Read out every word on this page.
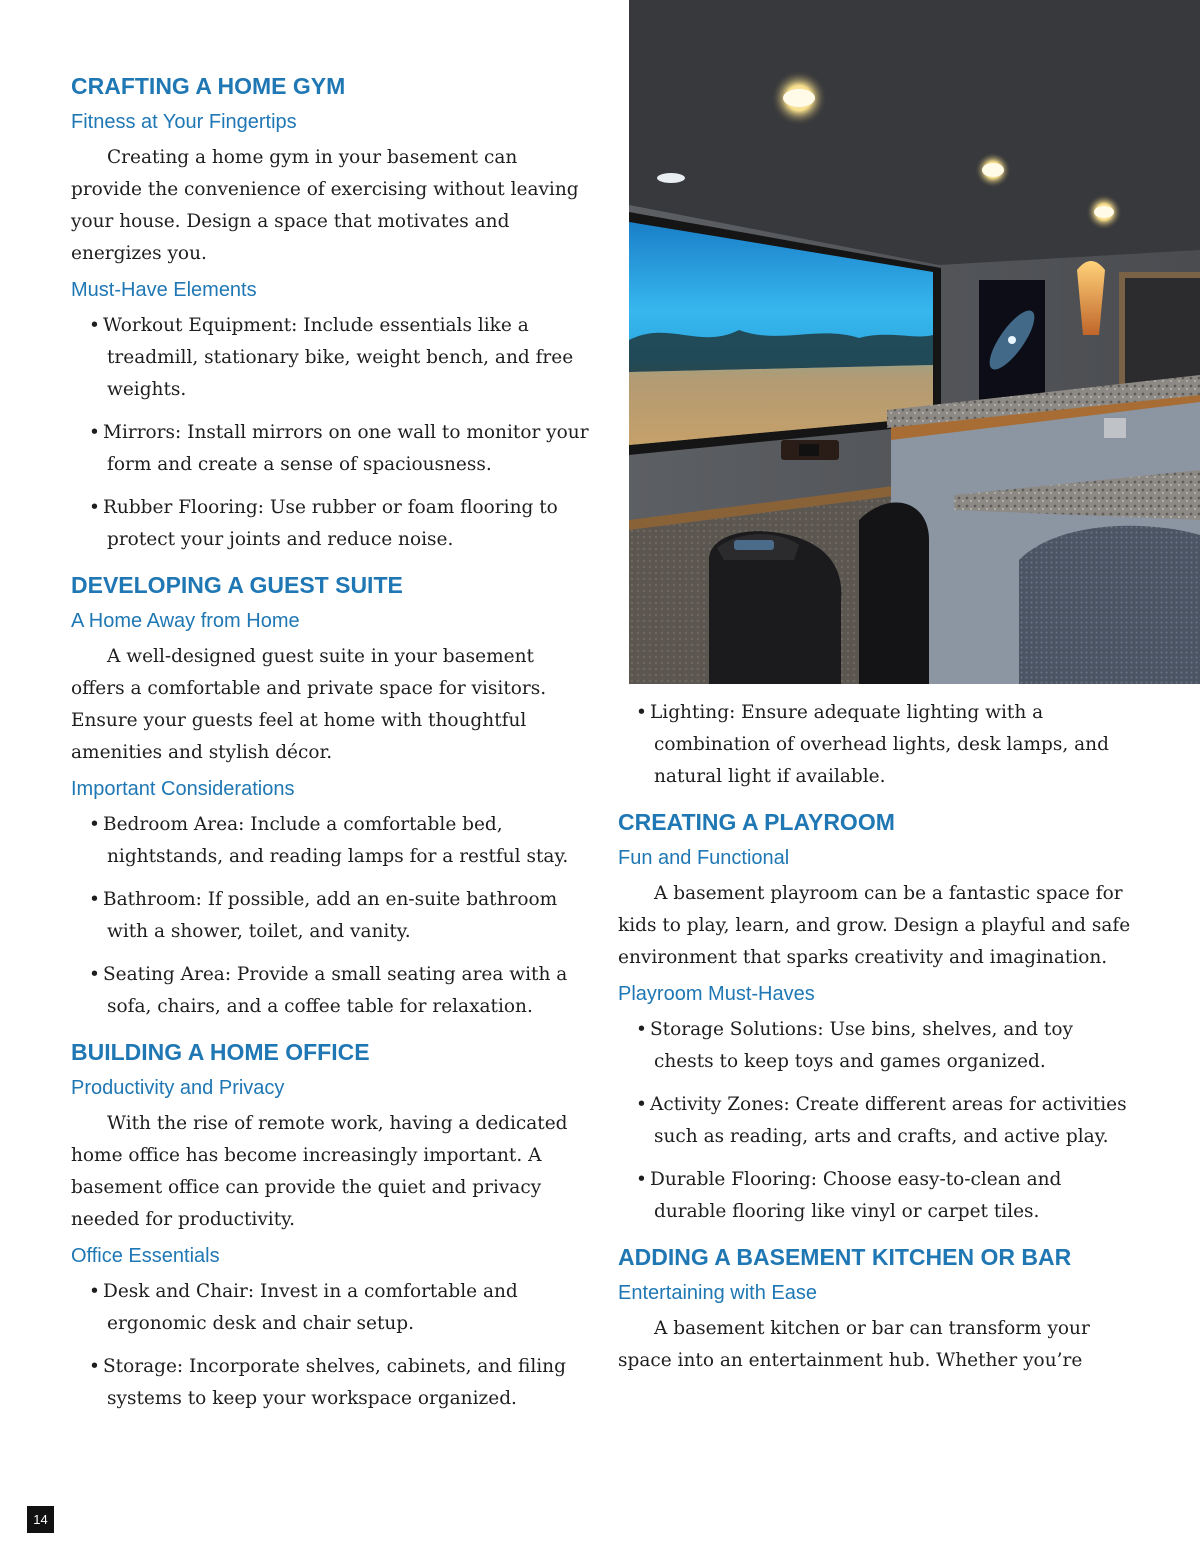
CRAFTING A HOME GYM
Fitness at Your Fingertips

Creating a home gym in your basement can provide the convenience of exercising without leaving your house. Design a space that motivates and energizes you.

Must-Have Elements
• Workout Equipment: Include essentials like a treadmill, stationary bike, weight bench, and free weights.
• Mirrors: Install mirrors on one wall to monitor your form and create a sense of spaciousness.
• Rubber Flooring: Use rubber or foam flooring to protect your joints and reduce noise.
DEVELOPING A GUEST SUITE
A Home Away from Home

A well-designed guest suite in your basement offers a comfortable and private space for visitors. Ensure your guests feel at home with thoughtful amenities and stylish décor.

Important Considerations
• Bedroom Area: Include a comfortable bed, nightstands, and reading lamps for a restful stay.
• Bathroom: If possible, add an en-suite bathroom with a shower, toilet, and vanity.
• Seating Area: Provide a small seating area with a sofa, chairs, and a coffee table for relaxation.
BUILDING A HOME OFFICE
Productivity and Privacy

With the rise of remote work, having a dedicated home office has become increasingly important. A basement office can provide the quiet and privacy needed for productivity.

Office Essentials
• Desk and Chair: Invest in a comfortable and ergonomic desk and chair setup.
• Storage: Incorporate shelves, cabinets, and filing systems to keep your workspace organized.
• Lighting: Ensure adequate lighting with a combination of overhead lights, desk lamps, and natural light if available.
CREATING A PLAYROOM
Fun and Functional

A basement playroom can be a fantastic space for kids to play, learn, and grow. Design a playful and safe environment that sparks creativity and imagination.

Playroom Must-Haves
• Storage Solutions: Use bins, shelves, and toy chests to keep toys and games organized.
• Activity Zones: Create different areas for activities such as reading, arts and crafts, and active play.
• Durable Flooring: Choose easy-to-clean and durable flooring like vinyl or carpet tiles.
ADDING A BASEMENT KITCHEN OR BAR
Entertaining with Ease

A basement kitchen or bar can transform your space into an entertainment hub. Whether you’re

14
